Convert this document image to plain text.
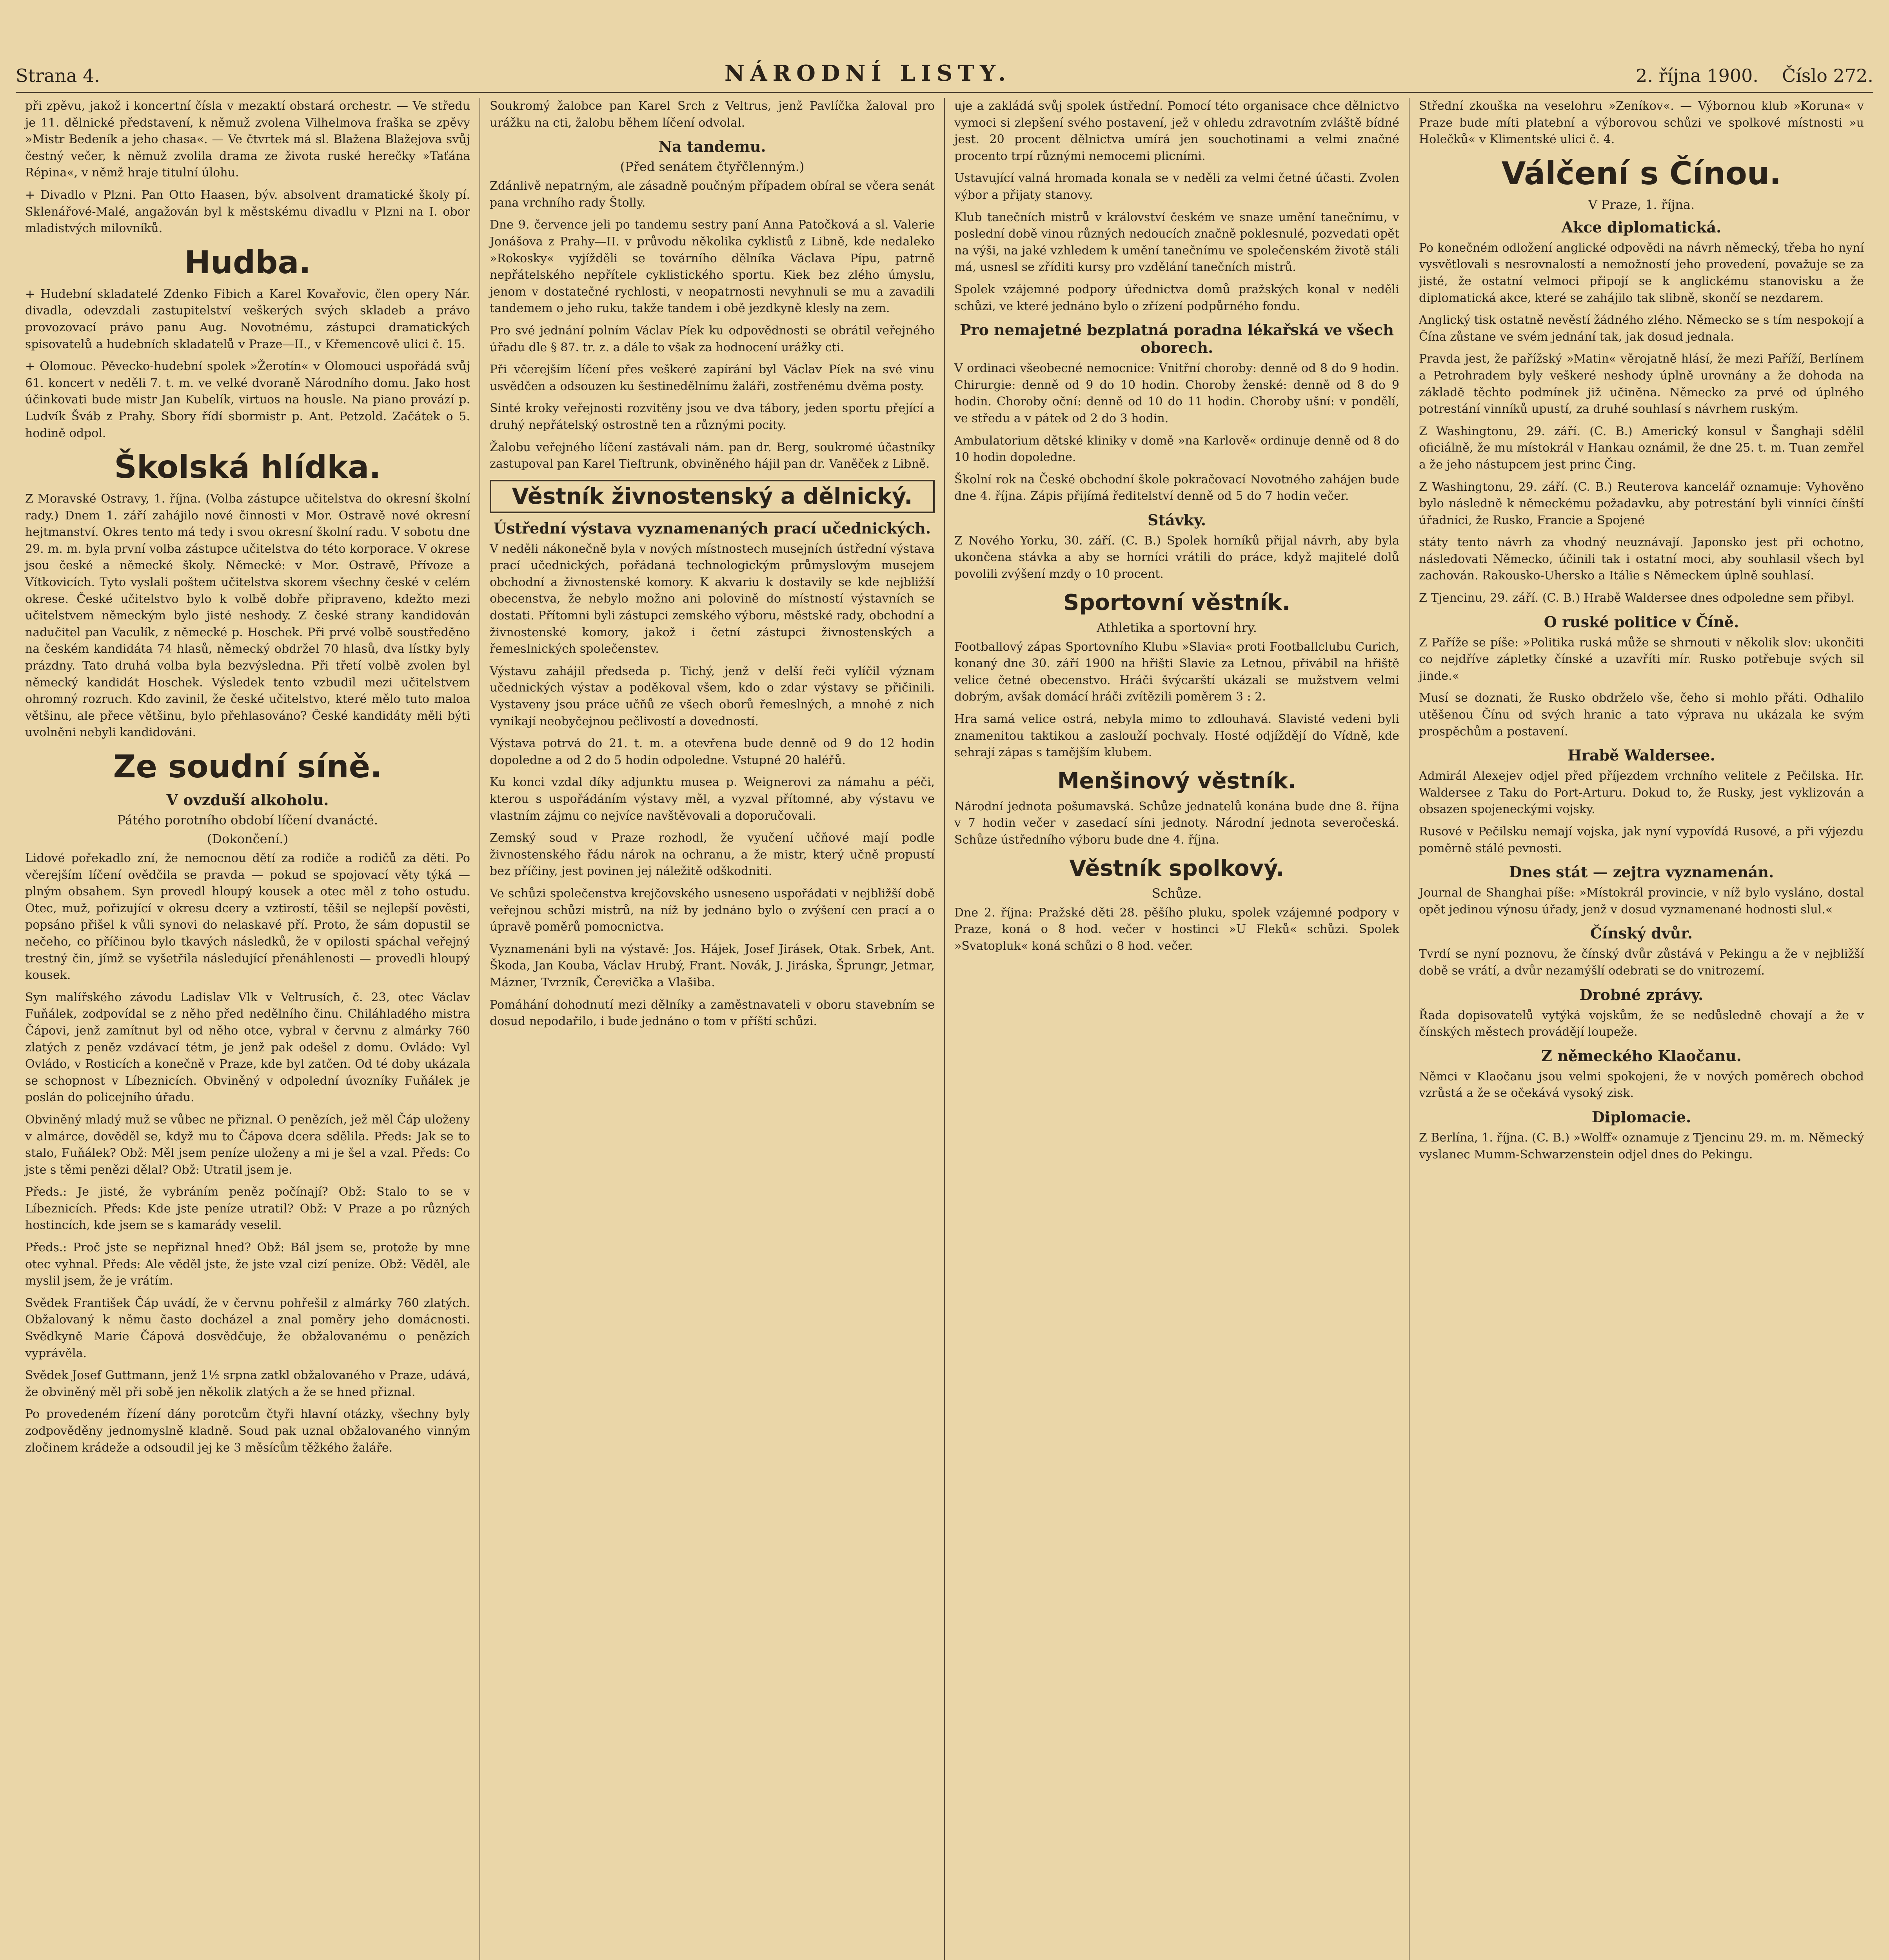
Strana 4.	NÁRODNÍ LISTY.	2. října 1900. Číslo 272.

při zpěvu, jakož i koncertní čísla v mezaktí obstará orchestr. — Ve středu je 11. dělnické představení, k němuž zvolena Vilhelmova fraška se zpěvy »Mistr Bedeník a jeho chasa«. — Ve čtvrtek má sl. Blažena Blažejova svůj čestný večer, k němuž zvolila drama ze života ruské herečky »Taťána Répina«, v němž hraje titulní úlohu.

+ Divadlo v Plzni. Pan Otto Haasen, býv. absolvent dramatické školy pí. Sklenářové-Malé, angažován byl k městskému divadlu v Plzni na I. obor mladistvých milovníků.

Hudba.

+ Hudební skladatelé Zdenko Fibich a Karel Kovařovic, člen opery Nár. divadla, odevzdali zastupitelství veškerých svých skladeb a právo provozovací právo panu Aug. Novotnému, zástupci dramatických spisovatelů a hudebních skladatelů v Praze—II., v Křemencově ulici č. 15.

+ Olomouc. Pěvecko-hudební spolek »Žerotín« v Olomouci uspořádá svůj 61. koncert v neděli 7. t. m. ve velké dvoraně Národního domu. Jako host účinkovati bude mistr Jan Kubelík, virtuos na housle. Na piano provází p. Ludvík Šváb z Prahy. Sbory řídí sbormistr p. Ant. Petzold. Začátek o 5. hodině odpol.

Školská hlídka.

Z Moravské Ostravy, 1. října. (Volba zástupce učitelstva do okresní školní rady.) Dnem 1. září zahájilo nové činnosti v Mor. Ostravě nové okresní hejtmanství. Okres tento má tedy i svou okresní školní radu. V sobotu dne 29. m. m. byla první volba zástupce učitelstva do této korporace. V okrese jsou české a německé školy. Německé: v Mor. Ostravě, Přívoze a Vítkovicích. Tyto vyslali poštem učitelstva skorem všechny české v celém okrese. České učitelstvo bylo k volbě dobře připraveno, kdežto mezi učitelstvem německým bylo jisté neshody. Z české strany kandidován nadučitel pan Vaculík, z německé p. Hoschek. Při prvé volbě soustředěno na českém kandidáta 74 hlasů, německý obdržel 70 hlasů, dva lístky byly prázdny. Tato druhá volba byla bezvýsledna. Při třetí volbě zvolen byl německý kandidát Hoschek. Výsledek tento vzbudil mezi učitelstvem ohromný rozruch. Kdo zavinil, že české učitelstvo, které mělo tuto maloa většinu, ale přece většinu, bylo přehlasováno? České kandidáty měli býti uvolněni nebyli kandidováni.

Ze soudní síně.
V ovzduší alkoholu.
Pátého porotního období líčení dvanácté.
(Dokončení.)

Lidové pořekadlo zní, že nemocnou dětí za rodiče a rodičů za děti. Po včerejším líčení ovědčila se pravda — pokud se spojovací věty týká — plným obsahem. Syn provedl hloupý kousek a otec měl z toho ostudu. Otec, muž, pořizující v okresu dcery a vztirostí, těšil se nejlepší pověsti, popsáno přišel k vůli synovi do nelaskavé pří. Proto, že sám dopustil se nečeho, co příčinou bylo tkavých následků, že v opilosti spáchal veřejný trestný čin, jímž se vyšetřila následující přenáhlenosti — provedli hloupý kousek.

Syn malířského závodu Ladislav Vlk v Veltrusích, č. 23, otec Václav Fuňálek, zodpovídal se z něho před nedělního činu. Chiláhladého mistra Čápovi, jenž zamítnut byl od něho otce, vybral v červnu z almárky 760 zlatých z peněz vzdávací tétm, je jenž pak odešel z domu. Ovládo: Vyl Ovládo, v Rosticích a konečně v Praze, kde byl zatčen. Od té doby ukázala se schopnost v Líbeznicích. Obviněný v odpolední úvozníky Fuňálek je poslán do policejního úřadu.

Obviněný mladý muž se vůbec ne přiznal. O penězích, jež měl Čáp uloženy v almárce, dověděl se, když mu to Čápova dcera sdělila. Předs: Jak se to stalo, Fuňálek? Obž: Měl jsem peníze uloženy a mi je šel a vzal. Předs: Co jste s těmi penězi dělal? Obž: Utratil jsem je.

Předs.: Je jisté, že vybráním peněz počínají? Obž: Stalo to se v Líbeznicích. Předs: Kde jste peníze utratil? Obž: V Praze a po různých hostincích, kde jsem se s kamarády veselil.

Předs.: Proč jste se nepřiznal hned? Obž: Bál jsem se, protože by mne otec vyhnal. Předs: Ale věděl jste, že jste vzal cizí peníze. Obž: Věděl, ale myslil jsem, že je vrátím.

Svědek František Čáp uvádí, že v červnu pohřešil z almárky 760 zlatých. Obžalovaný k němu často docházel a znal poměry jeho domácnosti. Svědkyně Marie Čápová dosvědčuje, že obžalovanému o penězích vyprávěla.

Svědek Josef Guttmann, jenž 1½ srpna zatkl obžalovaného v Praze, udává, že obviněný měl při sobě jen několik zlatých a že se hned přiznal.

Po provedeném řízení dány porotcům čtyři hlavní otázky, všechny byly zodpověděny jednomyslně kladně. Soud pak uznal obžalovaného vinným zločinem krádeže a odsoudil jej ke 3 měsícům těžkého žaláře.

Soukromý žalobce pan Karel Srch z Veltrus, jenž Pavlíčka žaloval pro urážku na cti, žalobu během líčení odvolal.

Na tandemu.
(Před senátem čtyřčlenným.)

Zdánlivě nepatrným, ale zásadně poučným případem obíral se včera senát pana vrchního rady Štolly.

Dne 9. července jeli po tandemu sestry paní Anna Patočková a sl. Valerie Jonášova z Prahy—II. v průvodu několika cyklistů z Libně, kde nedaleko »Rokosky« vyjížděli se továrního dělníka Václava Pípu, patrně nepřátelského nepřítele cyklistického sportu. Kiek bez zlého úmyslu, jenom v dostatečné rychlosti, v neopatrnosti nevyhnuli se mu a zavadili tandemem o jeho ruku, takže tandem i obě jezdkyně klesly na zem.

Pro své jednání polním Václav Píek ku odpovědnosti se obrátil veřejného úřadu dle § 87. tr. z. a dále to však za hodnocení urážky cti.

Při včerejším líčení přes veškeré zapírání byl Václav Píek na své vinu usvědčen a odsouzen ku šestinedělnímu žaláři, zostřenému dvěma posty.

Sinté kroky veřejnosti rozvitěny jsou ve dva tábory, jeden sportu přející a druhý nepřátelský ostrostně ten a různými pocity.

Žalobu veřejného líčení zastávali nám. pan dr. Berg, soukromé účastníky zastupoval pan Karel Tieftrunk, obviněného hájil pan dr. Vaněček z Libně.

Věstník živnostenský a dělnický.
Ústřední výstava vyznamenaných prací učednických.

V neděli nákonečně byla v nových místnostech musejních ústřední výstava prací učednických, pořádaná technologickým průmyslovým musejem obchodní a živnostenské komory. K akvariu k dostavily se kde nejbližší obecenstva, že nebylo možno ani polovině do místností výstavních se dostati. Přítomni byli zástupci zemského výboru, městské rady, obchodní a živnostenské komory, jakož i četní zástupci živnostenských a řemeslnických společenstev.

Výstavu zahájil předseda p. Tichý, jenž v delší řeči vylíčil význam učednických výstav a poděkoval všem, kdo o zdar výstavy se přičinili. Vystaveny jsou práce učňů ze všech oborů řemeslných, a mnohé z nich vynikají neobyčejnou pečlivostí a dovedností.

Výstava potrvá do 21. t. m. a otevřena bude denně od 9 do 12 hodin dopoledne a od 2 do 5 hodin odpoledne. Vstupné 20 haléřů.

Ku konci vzdal díky adjunktu musea p. Weignerovi za námahu a péči, kterou s uspořádáním výstavy měl, a vyzval přítomné, aby výstavu ve vlastním zájmu co nejvíce navštěvovali a doporučovali.

Zemský soud v Praze rozhodl, že vyučení učňové mají podle živnostenského řádu nárok na ochranu, a že mistr, který učně propustí bez příčiny, jest povinen jej náležitě odškodniti.

Ve schůzi společenstva krejčovského usneseno uspořádati v nejbližší době veřejnou schůzi mistrů, na níž by jednáno bylo o zvýšení cen prací a o úpravě poměrů pomocnictva.

Vyznamenáni byli na výstavě: Jos. Hájek, Josef Jirásek, Otak. Srbek, Ant. Škoda, Jan Kouba, Václav Hrubý, Frant. Novák, J. Jiráska, Šprungr, Jetmar, Mázner, Tvrzník, Čerevička a Vlašiba.

Pomáhání dohodnutí mezi dělníky a zaměstnavateli v oboru stavebním se dosud nepodařilo, i bude jednáno o tom v příští schůzi.

uje a zakládá svůj spolek ústřední. Pomocí této organisace chce dělnictvo vymoci si zlepšení svého postavení, jež v ohledu zdravotním zvláště bídné jest. 20 procent dělnictva umírá jen souchotinami a velmi značné procento trpí různými nemocemi plicními.

Ustavující valná hromada konala se v neděli za velmi četné účasti. Zvolen výbor a přijaty stanovy.

Klub tanečních mistrů v království českém ve snaze umění tanečnímu, v poslední době vinou různých nedoucích značně poklesnulé, pozvedati opět na výši, na jaké vzhledem k umění tanečnímu ve společenském životě stáli má, usnesl se zříditi kursy pro vzdělání tanečních mistrů.

Spolek vzájemné podpory úřednictva domů pražských konal v neděli schůzi, ve které jednáno bylo o zřízení podpůrného fondu.

Pro nemajetné bezplatná poradna lékařská ve všech oborech.

V ordinaci všeobecné nemocnice: Vnitřní choroby: denně od 8 do 9 hodin. Chirurgie: denně od 9 do 10 hodin. Choroby ženské: denně od 8 do 9 hodin. Choroby oční: denně od 10 do 11 hodin. Choroby ušní: v pondělí, ve středu a v pátek od 2 do 3 hodin.

Ambulatorium dětské kliniky v domě »na Karlově« ordinuje denně od 8 do 10 hodin dopoledne.

Školní rok na České obchodní škole pokračovací Novotného zahájen bude dne 4. října. Zápis přijímá ředitelství denně od 5 do 7 hodin večer.

Stávky.

Z Nového Yorku, 30. září. (C. B.) Spolek horníků přijal návrh, aby byla ukončena stávka a aby se horníci vrátili do práce, když majitelé dolů povolili zvýšení mzdy o 10 procent.

Sportovní věstník.
Athletika a sportovní hry.

Footballový zápas Sportovního Klubu »Slavia« proti Footballclubu Curich, konaný dne 30. září 1900 na hřišti Slavie za Letnou, přivábil na hřiště velice četné obecenstvo. Hráči švýcarští ukázali se mužstvem velmi dobrým, avšak domácí hráči zvítězili poměrem 3 : 2.

Hra samá velice ostrá, nebyla mimo to zdlouhavá. Slavisté vedeni byli znamenitou taktikou a zaslouží pochvaly. Hosté odjíždějí do Vídně, kde sehrají zápas s tamějším klubem.

Menšinový věstník.

Národní jednota pošumavská. Schůze jednatelů konána bude dne 8. října v 7 hodin večer v zasedací síni jednoty. Národní jednota severočeská. Schůze ústředního výboru bude dne 4. října.

Věstník spolkový.
Schůze.

Dne 2. října: Pražské děti 28. pěšího pluku, spolek vzájemné podpory v Praze, koná o 8 hod. večer v hostinci »U Fleků« schůzi. Spolek »Svatopluk« koná schůzi o 8 hod. večer.

Střední zkouška na veselohru »Zeníkov«. — Výbornou klub »Koruna« v Praze bude míti platební a výborovou schůzi ve spolkové místnosti »u Holečků« v Klimentské ulici č. 4.

Válčení s Čínou.
V Praze, 1. října.
Akce diplomatická.

Po konečném odložení anglické odpovědi na návrh německý, třeba ho nyní vysvětlovali s nesrovnalostí a nemožností jeho provedení, považuje se za jisté, že ostatní velmoci připojí se k anglickému stanovisku a že diplomatická akce, které se zahájilo tak slibně, skončí se nezdarem.

Anglický tisk ostatně nevěstí žádného zlého. Německo se s tím nespokojí a Čína zůstane ve svém jednání tak, jak dosud jednala.

Pravda jest, že pařížský »Matin« věrojatně hlásí, že mezi Paříží, Berlínem a Petrohradem byly veškeré neshody úplně urovnány a že dohoda na základě těchto podmínek již učiněna. Německo za prvé od úplného potrestání vinníků upustí, za druhé souhlasí s návrhem ruským.

Z Washingtonu, 29. září. (C. B.) Americký konsul v Šanghaji sdělil oficiálně, že mu místokrál v Hankau oznámil, že dne 25. t. m. Tuan zemřel a že jeho nástupcem jest princ Čing.

Z Washingtonu, 29. září. (C. B.) Reuterova kancelář oznamuje: Vyhověno bylo následně k německému požadavku, aby potrestání byli vinníci čínští úřadníci, že Rusko, Francie a Spojené

státy tento návrh za vhodný neuznávají. Japonsko jest při ochotno, následovati Německo, účinili tak i ostatní moci, aby souhlasil všech byl zachován. Rakousko-Uhersko a Itálie s Německem úplně souhlasí.

Z Tjencinu, 29. září. (C. B.) Hrabě Waldersee dnes odpoledne sem přibyl.

O ruské politice v Číně.

Z Paříže se píše: »Politika ruská může se shrnouti v několik slov: ukončiti co nejdříve zápletky čínské a uzavříti mír. Rusko potřebuje svých sil jinde.«

Musí se doznati, že Rusko obdrželo vše, čeho si mohlo přáti. Odhalilo utěšenou Čínu od svých hranic a tato výprava nu ukázala ke svým prospěchům a postavení.

Hrabě Waldersee.

Admirál Alexejev odjel před příjezdem vrchního velitele z Pečilska. Hr. Waldersee z Taku do Port-Arturu. Dokud to, že Rusky, jest vyklizován a obsazen spojeneckými vojsky.

Rusové v Pečilsku nemají vojska, jak nyní vypovídá Rusové, a při výjezdu poměrně stálé pevnosti.

Dnes stát — zejtra vyznamenán.

Journal de Shanghai píše: »Místokrál provincie, v níž bylo vysláno, dostal opět jedinou výnosu úřady, jenž v dosud vyznamenané hodnosti slul.«

Čínský dvůr.

Tvrdí se nyní poznovu, že čínský dvůr zůstává v Pekingu a že v nejbližší době se vrátí, a dvůr nezamýšlí odebrati se do vnitrozemí.

Drobné zprávy.

Řada dopisovatelů vytýká vojskům, že se nedůsledně chovají a že v čínských městech provádějí loupeže.

Z německého Klaočanu.

Němci v Klaočanu jsou velmi spokojeni, že v nových poměrech obchod vzrůstá a že se očekává vysoký zisk.

Diplomacie.

Z Berlína, 1. října. (C. B.) »Wolff« oznamuje z Tjencinu 29. m. m. Německý vyslanec Mumm-Schwarzenstein odjel dnes do Pekingu.
